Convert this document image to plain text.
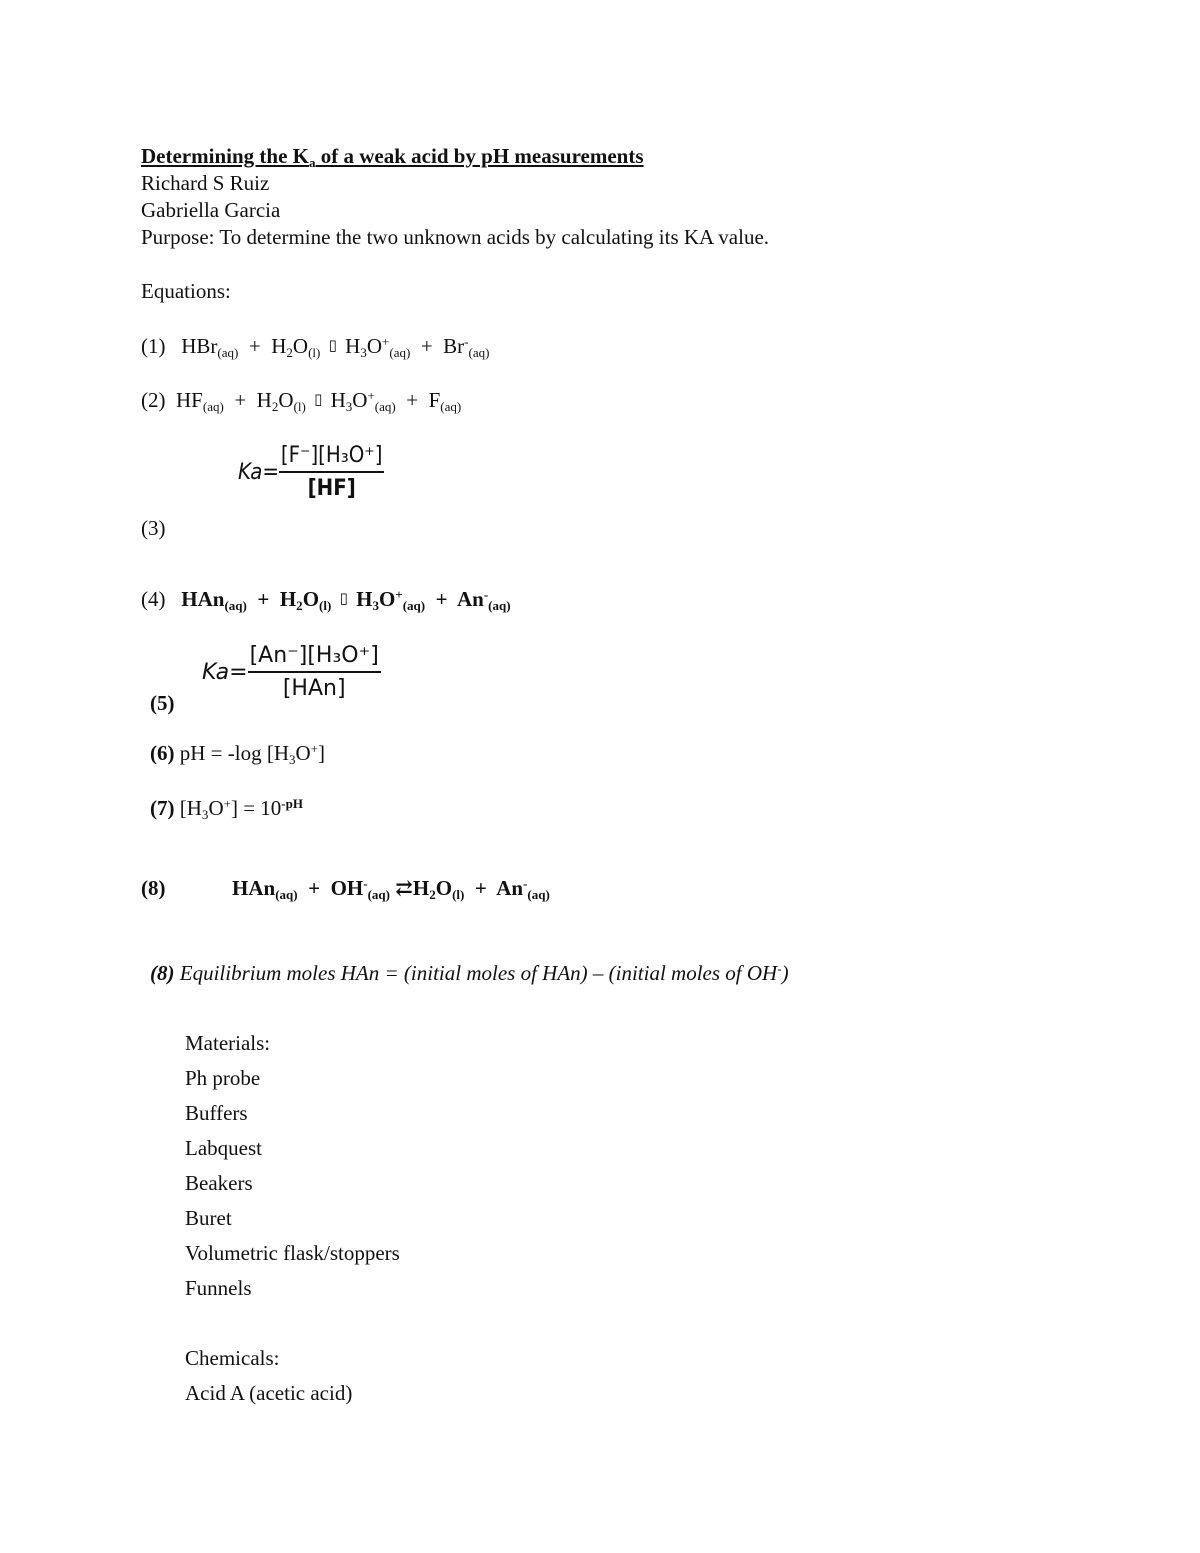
Determining the $K_a$ of a weak acid by pH measurements
Richard S Ruiz
Gabriella Garcia
Purpose: To determine the two unknown acids by calculating its KA value.
Equations:
(1) $HBr_{(aq)} + H_2O_{(l)}$ ▯ $H_3O^+_{(aq)} + Br^-_{(aq)}$
(2) $HF_{(aq)} + H_2O_{(l)}$ ▯ $H_3O^+_{(aq)} + F_{(aq)}$
$Ka= \frac{\text{[F⁻][H₃O⁺]}}{[HF]}$
(3)
(4) $HAn_{(aq)} + H_2O_{(l)}$ ▯ $H_3O^+_{(aq)} + An^-_{(aq)}$
$Ka= \frac{\text{[An⁻][H₃O⁺]}}{\text{[HAn]}}$
(5)
(6) pH = -log $[H_3O^+]$
(7) $[H_3O^+] = 10^{-pH}$
(8)	$HAn_{(aq)} + OH^-_{(aq)}$ $⇄H_2O_{(l)} + An^-_{(aq)}$
(8) Equilibrium moles HAn = (initial moles of HAn) – (initial moles of OH-)
Materials:
Ph probe
Buffers
Labquest
Beakers
Buret
Volumetric flask/stoppers
Funnels
Chemicals:
Acid A (acetic acid)
